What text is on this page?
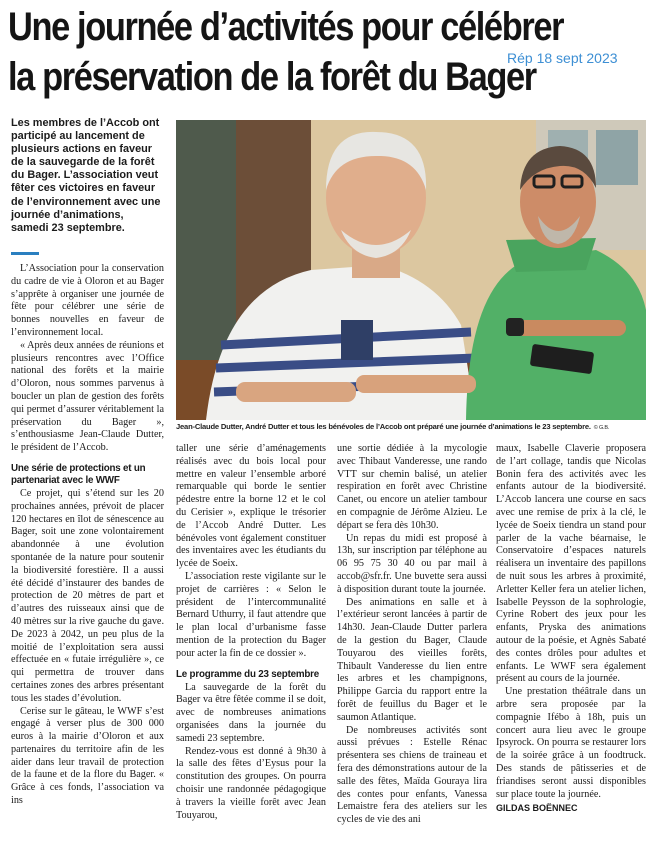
Une journée d’activités pour célébrer
la préservation de la forêt du Bager
Rép 18 sept 2023
Les membres de l’Accob ont participé au lancement de plusieurs actions en faveur de la sauvegarde de la forêt du Bager. L’association veut fêter ces victoires en faveur de l’environnement avec une journée d’animations, samedi 23 septembre.
Jean-Claude Dutter, André Dutter et tous les bénévoles de l’Accob ont préparé une journée d’animations le 23 septembre. © G.B.

L’Association pour la conservation du cadre de vie à Oloron et au Bager s’apprête à organiser une journée de fête pour célébrer une série de bonnes nouvelles en faveur de l’environnement local.

« Après deux années de réunions et plusieurs rencontres avec l’Office national des forêts et la mairie d’Oloron, nous sommes parvenus à boucler un plan de gestion des forêts qui permet d’assurer véritablement la préservation du Bager », s’enthousiasme Jean-Claude Dutter, le président de l’Accob.

Une série de protections et un partenariat avec le WWF

Ce projet, qui s’étend sur les 20 prochaines années, prévoit de placer 120 hectares en îlot de sénescence au Bager, soit une zone volontairement abandonnée à une évolution spontanée de la nature pour soutenir la biodiversité forestière. Il a aussi été décidé d’instaurer des bandes de protection de 20 mètres de part et d’autres des ruisseaux ainsi que de 40 mètres sur la rive gauche du gave. De 2023 à 2042, un peu plus de la moitié de l’exploitation sera aussi effectuée en « futaie irrégulière », ce qui permettra de trouver dans certaines zones des arbres présentant tous les stades d’évolution.

Cerise sur le gâteau, le WWF s’est engagé à verser plus de 300 000 euros à la mairie d’Oloron et aux partenaires du territoire afin de les aider dans leur travail de protection de la faune et de la flore du Bager. « Grâce à ces fonds, l’association va ins

taller une série d’aménagements réalisés avec du bois local pour mettre en valeur l’ensemble arboré remarquable qui borde le sentier pédestre entre la borne 12 et le col du Cerisier », explique le trésorier de l’Accob André Dutter. Les bénévoles vont également constituer des inventaires avec les étudiants du lycée de Soeix.

L’association reste vigilante sur le projet de carrières : « Selon le président de l’intercommunalité Bernard Uthurry, il faut attendre que le plan local d’urbanisme fasse mention de la protection du Bager pour acter la fin de ce dossier ».

Le programme du 23 septembre

La sauvegarde de la forêt du Bager va être fêtée comme il se doit, avec de nombreuses animations organisées dans la journée du samedi 23 septembre.

Rendez-vous est donné à 9h30 à la salle des fêtes d’Eysus pour la constitution des groupes. On pourra choisir une randonnée pédagogique à travers la vieille forêt avec Jean Touyarou,

une sortie dédiée à la mycologie avec Thibaut Vanderesse, une rando VTT sur chemin balisé, un atelier respiration en forêt avec Christine Canet, ou encore un atelier tambour en compagnie de Jérôme Alzieu. Le départ se fera dès 10h30.

Un repas du midi est proposé à 13h, sur inscription par téléphone au 06 95 75 30 40 ou par mail à accob@sfr.fr. Une buvette sera aussi à disposition durant toute la journée.

Des animations en salle et à l’extérieur seront lancées à partir de 14h30. Jean-Claude Dutter parlera de la gestion du Bager, Claude Touyarou des vieilles forêts, Thibault Vanderesse du lien entre les arbres et les champignons, Philippe Garcia du rapport entre la forêt de feuillus du Bager et le saumon Atlantique.

De nombreuses activités sont aussi prévues : Estelle Rénac présentera ses chiens de traineau et fera des démonstrations autour de la salle des fêtes, Maïda Gouraya lira des contes pour enfants, Vanessa Lemaistre fera des ateliers sur les cycles de vie des ani

maux, Isabelle Claverie proposera de l’art collage, tandis que Nicolas Bonin fera des activités avec les enfants autour de la biodiversité. L’Accob lancera une course en sacs avec une remise de prix à la clé, le lycée de Soeix tiendra un stand pour parler de la vache béarnaise, le Conservatoire d’espaces naturels réalisera un inventaire des papillons de nuit sous les arbres à proximité, Arletter Keller fera un atelier lichen, Isabelle Peysson de la sophrologie, Cyrine Robert des jeux pour les enfants, Pryska des animations autour de la poésie, et Agnès Sabaté des contes drôles pour adultes et enfants. Le WWF sera également présent au cours de la journée.

Une prestation théâtrale dans un arbre sera proposée par la compagnie Ifébo à 18h, puis un concert aura lieu avec le groupe Ipsyrock. On pourra se restaurer lors de la soirée grâce à un foodtruck. Des stands de pâtisseries et de friandises seront aussi disponibles sur place toute la journée.

GILDAS BOËNNEC
